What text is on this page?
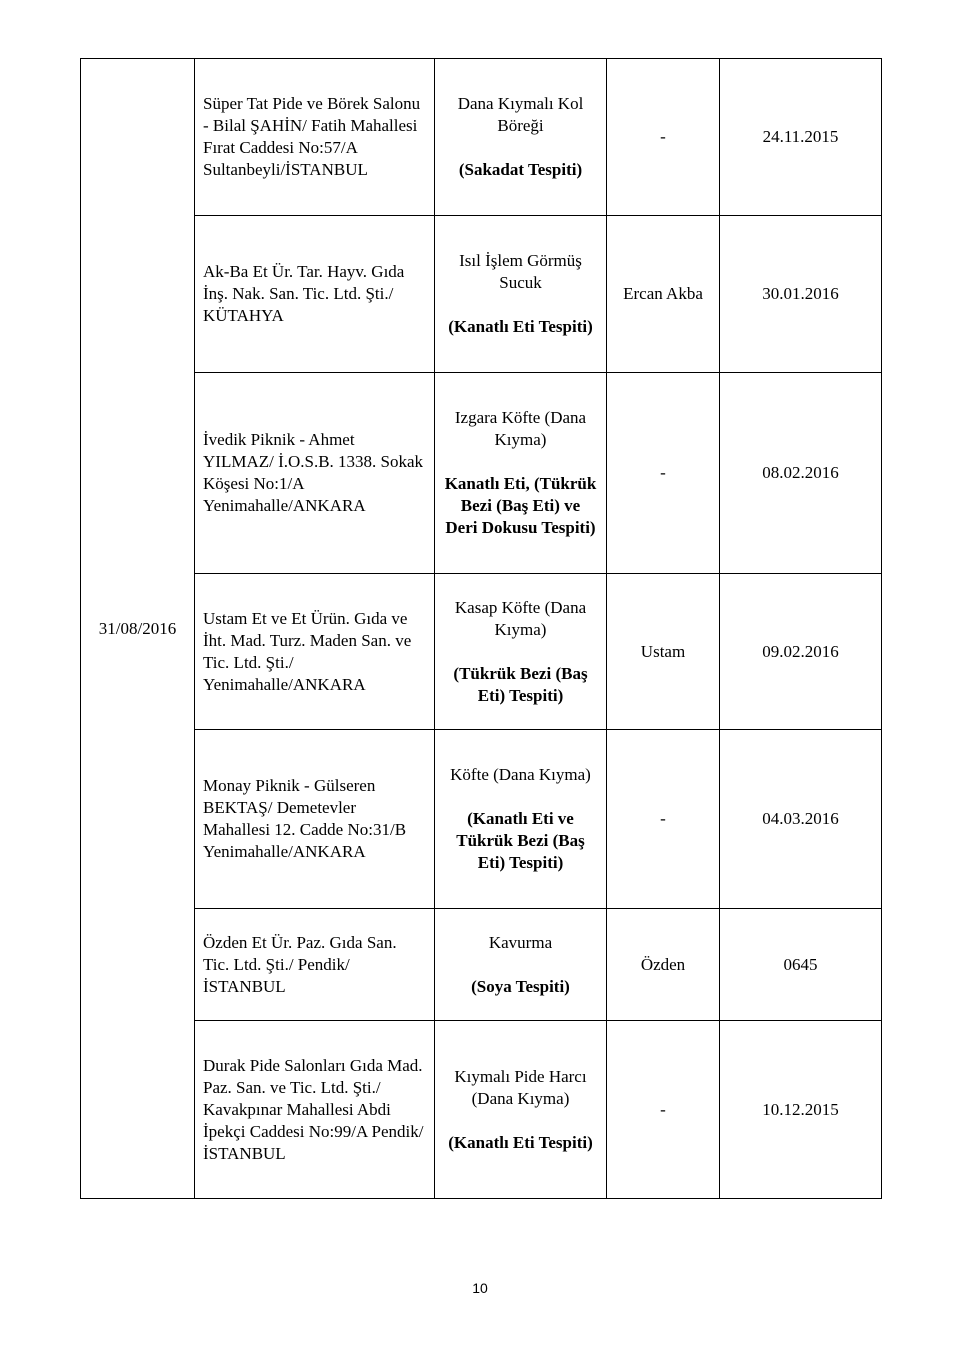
31/08/2016	Süper Tat Pide ve Börek Salonu - Bilal ŞAHİN/ Fatih Mahallesi Fırat Caddesi No:57/A Sultanbeyli/İSTANBUL	Dana Kıymalı Kol Böreği
(Sakadat Tespiti)	-	24.11.2015
	Ak-Ba Et Ür. Tar. Hayv. Gıda İnş. Nak. San. Tic. Ltd. Şti./ KÜTAHYA	Isıl İşlem Görmüş Sucuk
(Kanatlı Eti Tespiti)	Ercan Akba	30.01.2016
	İvedik Piknik - Ahmet YILMAZ/ İ.O.S.B. 1338. Sokak Köşesi No:1/A Yenimahalle/ANKARA	Izgara Köfte (Dana Kıyma)
Kanatlı Eti, (Tükrük Bezi (Baş Eti) ve Deri Dokusu Tespiti)	-	08.02.2016
	Ustam Et ve Et Ürün. Gıda ve İht. Mad. Turz. Maden San. ve Tic. Ltd. Şti./ Yenimahalle/ANKARA	Kasap Köfte (Dana Kıyma)
(Tükrük Bezi (Baş Eti) Tespiti)	Ustam	09.02.2016
	Monay Piknik - Gülseren BEKTAŞ/ Demetevler Mahallesi 12. Cadde No:31/B Yenimahalle/ANKARA	Köfte (Dana Kıyma)
(Kanatlı Eti ve Tükrük Bezi (Baş Eti) Tespiti)	-	04.03.2016
	Özden Et Ür. Paz. Gıda San. Tic. Ltd. Şti./ Pendik/İSTANBUL	Kavurma
(Soya Tespiti)	Özden	0645
	Durak Pide Salonları Gıda Mad. Paz. San. ve Tic. Ltd. Şti./ Kavakpınar Mahallesi Abdi İpekçi Caddesi No:99/A Pendik/İSTANBUL	Kıymalı Pide Harcı (Dana Kıyma)
(Kanatlı Eti Tespiti)	-	10.12.2015
10
